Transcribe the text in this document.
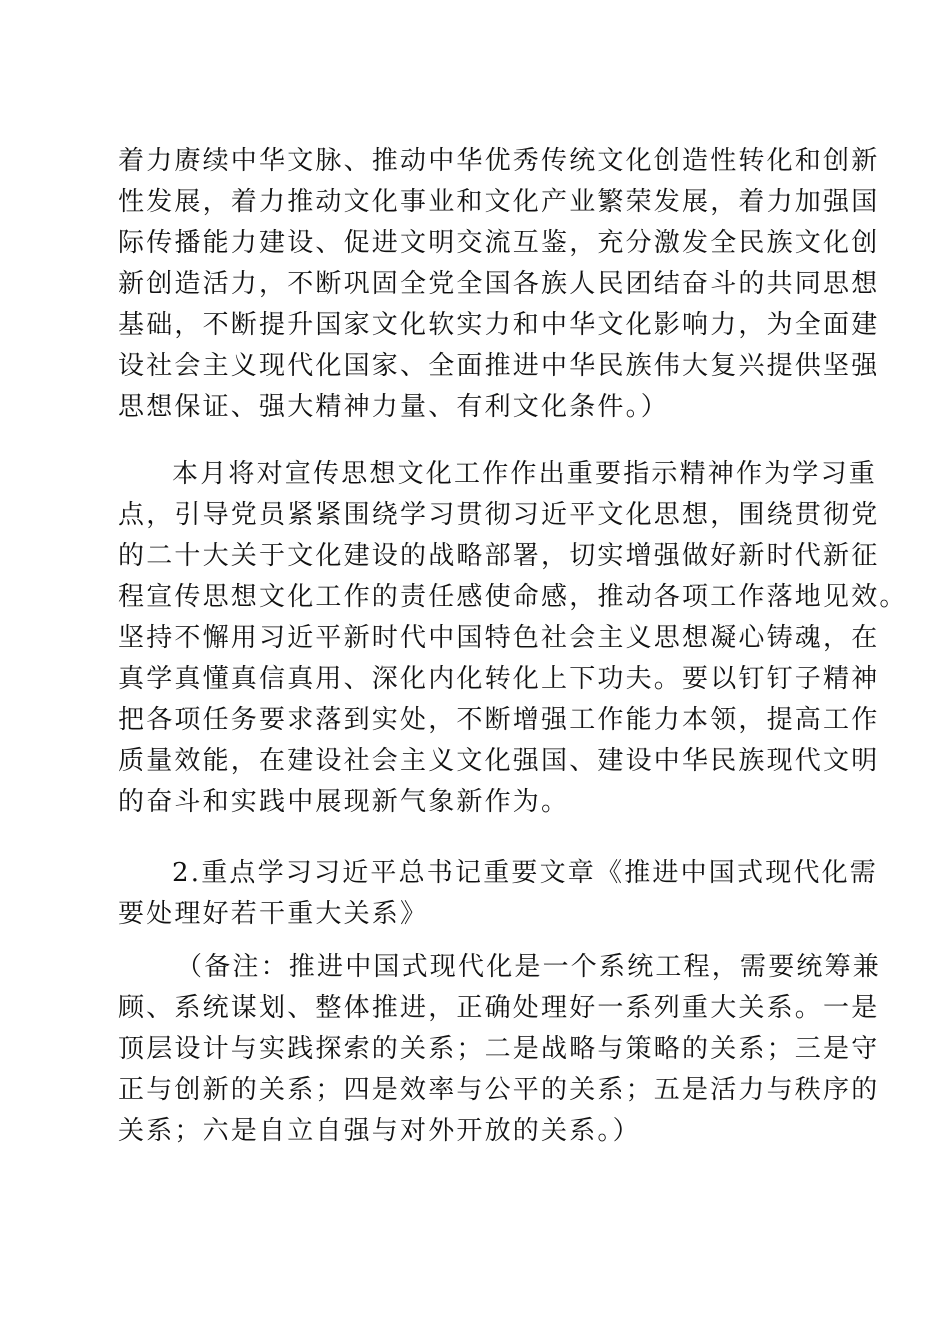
着力赓续中华文脉、推动中华优秀传统文化创造性转化和创新
性发展，着力推动文化事业和文化产业繁荣发展，着力加强国
际传播能力建设、促进文明交流互鉴，充分激发全民族文化创
新创造活力，不断巩固全党全国各族人民团结奋斗的共同思想
基础，不断提升国家文化软实力和中华文化影响力，为全面建
设社会主义现代化国家、全面推进中华民族伟大复兴提供坚强
思想保证、强大精神力量、有利文化条件。）
本月将对宣传思想文化工作作出重要指示精神作为学习重
点，引导党员紧紧围绕学习贯彻习近平文化思想，围绕贯彻党
的二十大关于文化建设的战略部署，切实增强做好新时代新征
程宣传思想文化工作的责任感使命感，推动各项工作落地见效。
坚持不懈用习近平新时代中国特色社会主义思想凝心铸魂，在
真学真懂真信真用、深化内化转化上下功夫。要以钉钉子精神
把各项任务要求落到实处，不断增强工作能力本领，提高工作
质量效能，在建设社会主义文化强国、建设中华民族现代文明
的奋斗和实践中展现新气象新作为。
2.重点学习习近平总书记重要文章《推进中国式现代化需
要处理好若干重大关系》
（备注：推进中国式现代化是一个系统工程，需要统筹兼
顾、系统谋划、整体推进，正确处理好一系列重大关系。一是
顶层设计与实践探索的关系；二是战略与策略的关系；三是守
正与创新的关系；四是效率与公平的关系；五是活力与秩序的
关系；六是自立自强与对外开放的关系。）
